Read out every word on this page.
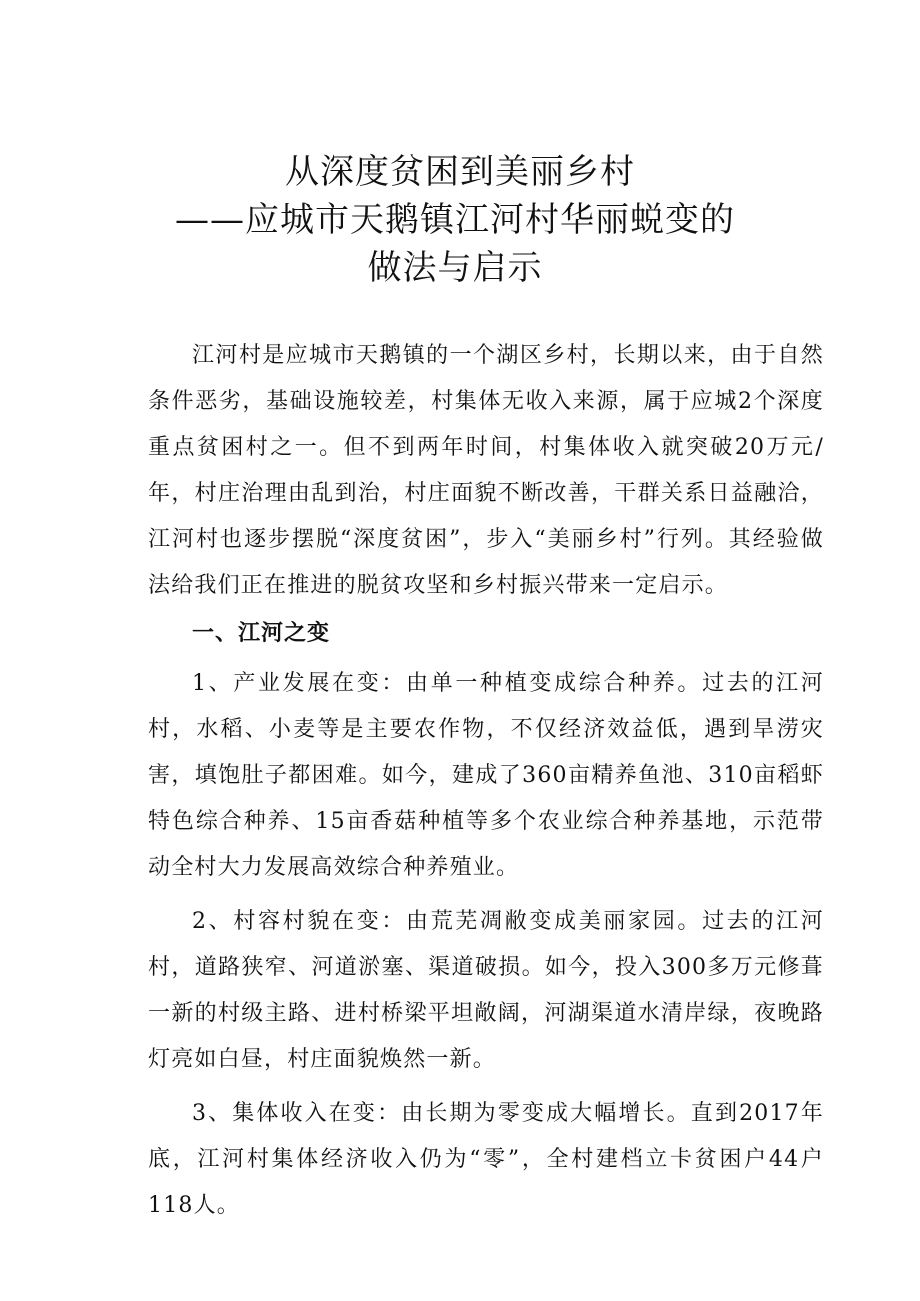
从深度贫困到美丽乡村
——应城市天鹅镇江河村华丽蜕变的
做法与启示

江河村是应城市天鹅镇的一个湖区乡村，长期以来，由于自然条件恶劣，基础设施较差，村集体无收入来源，属于应城2个深度重点贫困村之一。但不到两年时间，村集体收入就突破20万元/年，村庄治理由乱到治，村庄面貌不断改善，干群关系日益融洽，江河村也逐步摆脱“深度贫困”，步入“美丽乡村”行列。其经验做法给我们正在推进的脱贫攻坚和乡村振兴带来一定启示。

一、江河之变

1、产业发展在变：由单一种植变成综合种养。过去的江河村，水稻、小麦等是主要农作物，不仅经济效益低，遇到旱涝灾害，填饱肚子都困难。如今，建成了360亩精养鱼池、310亩稻虾特色综合种养、15亩香菇种植等多个农业综合种养基地，示范带动全村大力发展高效综合种养殖业。

2、村容村貌在变：由荒芜凋敝变成美丽家园。过去的江河村，道路狭窄、河道淤塞、渠道破损。如今，投入300多万元修葺一新的村级主路、进村桥梁平坦敞阔，河湖渠道水清岸绿，夜晚路灯亮如白昼，村庄面貌焕然一新。

3、集体收入在变：由长期为零变成大幅增长。直到2017年底，江河村集体经济收入仍为“零”，全村建档立卡贫困户44户118人。
